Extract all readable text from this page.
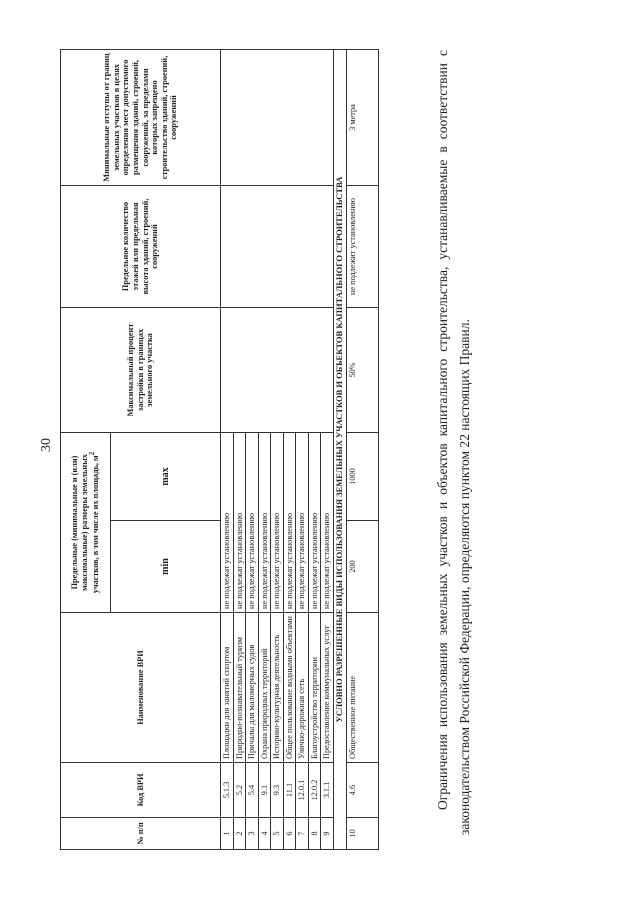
30
№ п/п	Код ВРИ	Наименование ВРИ	Предельные (минимальные и (или) максимальные) размеры земельных участков, в том числе их площадь, $м^2$		Максимальный процент застройки в границах земельного участка	Предельное количество этажей или предельная высота зданий, строений, сооружений	Минимальные отступы от границ земельных участков в целях определения мест допустимого размещения зданий, строений, сооружений, за пределами которых запрещено строительство зданий, строений, сооружений
			min	max			
1	5.1.3	Площадки для занятий спортом	не подлежат установлению				
2	5.2	Природно-познавательный туризм	не подлежат установлению				
3	5.4	Причалы для маломерных судов	не подлежат установлению				
4	9.1	Охрана природных территорий	не подлежат установлению				
5	9.3	Историко-культурная деятельность	не подлежат установлению				
6	11.1	Общее пользование водными объектами	не подлежат установлению				
7	12.0.1	Улично-дорожная сеть	не подлежат установлению				
8	12.0.2	Благоустройство территории	не подлежат установлению				
9	3.1.1	Предоставление коммунальных услуг	не подлежат установлению				
УСЛОВНО РАЗРЕШЕННЫЕ ВИДЫ ИСПОЛЬЗОВАНИЯ ЗЕМЕЛЬНЫХ УЧАСТКОВ И ОБЪЕКТОВ КАПИТАЛЬНОГО СТРОИТЕЛЬСТВА							
10	4.6	Общественное питание	200	1000	50%	не подлежит установлению	3 метра	Ограничения использования земельных участков и объектов капитального строительства, устанавливаемые в соответствии с законодательством Российской Федерации, определяются пунктом 22 настоящих Правил.
